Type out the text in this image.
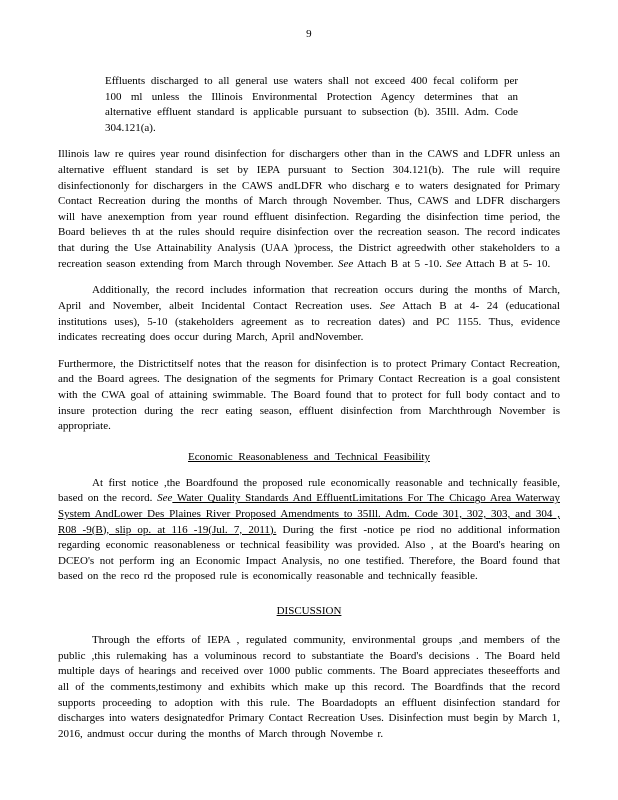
9

Effluents discharged to all general use waters shall not exceed 400 fecal coliform per 100 ml unless the Illinois Environmental Protection Agency determines that an alternative effluent standard is applicable pursuant to subsection (b). 35Ill. Adm. Code 304.121(a).

Illinois law re quires year round disinfection for dischargers other than in the CAWS and LDFR unless an alternative effluent standard is set by IEPA pursuant to Section 304.121(b). The rule will require disinfectiononly for dischargers in the CAWS andLDFR who discharg e to waters designated for Primary Contact Recreation during the months of March through November. Thus, CAWS and LDFR dischargers will have anexemption from year round effluent disinfection. Regarding the disinfection time period, the Board believes th at the rules should require disinfection over the recreation season. The record indicates that during the Use Attainability Analysis (UAA )process, the District agreedwith other stakeholders to a recreation season extending from March through November. See Attach B at 5 -10. See Attach B at 5- 10.

Additionally, the record includes information that recreation occurs during the months of March, April and November, albeit Incidental Contact Recreation uses. See Attach B at 4- 24 (educational institutions uses), 5-10 (stakeholders agreement as to recreation dates) and PC 1155. Thus, evidence indicates recreating does occur during March, April andNovember.

Furthermore, the Districtitself notes that the reason for disinfection is to protect Primary Contact Recreation, and the Board agrees. The designation of the segments for Primary Contact Recreation is a goal consistent with the CWA goal of attaining swimmable. The Board found that to protect for full body contact and to insure protection during the recr eating season, effluent disinfection from Marchthrough November is appropriate.

Economic Reasonableness and Technical Feasibility

At first notice ,the Boardfound the proposed rule economically reasonable and technically feasible, based on the record. See Water Quality Standards And EffluentLimitations For The Chicago Area Waterway System AndLower Des Plaines River Proposed Amendments to 35Ill. Adm. Code 301, 302, 303, and 304 , R08 -9(B), slip op. at 116 -19(Jul. 7, 2011). During the first -notice pe riod no additional information regarding economic reasonableness or technical feasibility was provided. Also , at the Board's hearing on DCEO's not perform ing an Economic Impact Analysis, no one testified. Therefore, the Board found that based on the reco rd the proposed rule is economically reasonable and technically feasible.

DISCUSSION

Through the efforts of IEPA , regulated community, environmental groups ,and members of the public ,this rulemaking has a voluminous record to substantiate the Board's decisions . The Board held multiple days of hearings and received over 1000 public comments. The Board appreciates theseefforts and all of the comments,testimony and exhibits which make up this record. The Boardfinds that the record supports proceeding to adoption with this rule. The Boardadopts an effluent disinfection standard for discharges into waters designatedfor Primary Contact Recreation Uses. Disinfection must begin by March 1, 2016, andmust occur during the months of March through Novembe r.
